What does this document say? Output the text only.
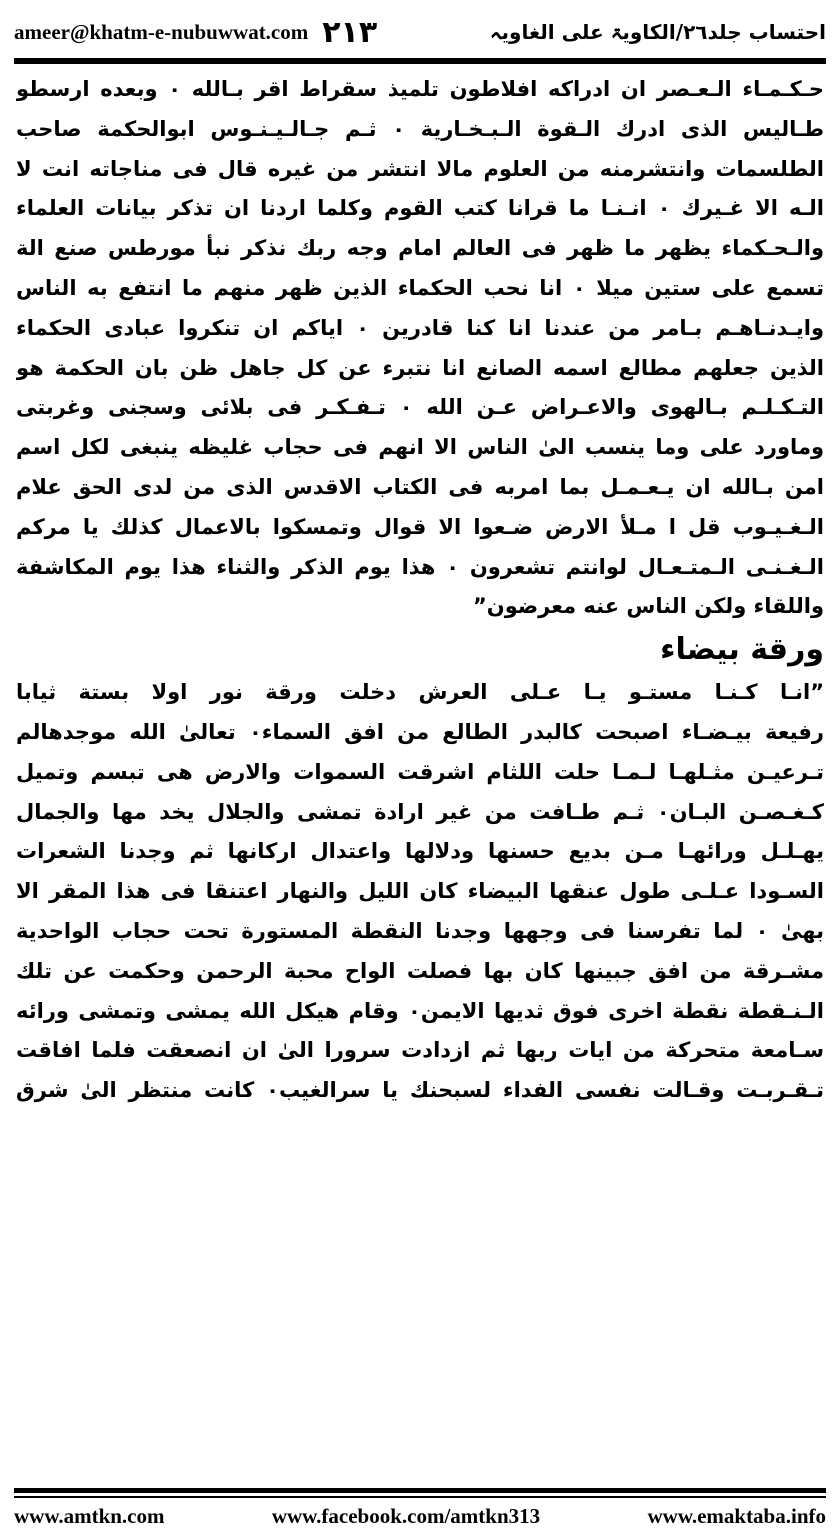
ameer@khatm-e-nubuwwat.com ٢١٣	احتساب جلد٢٦/الکاویۃ علی الغاویہ
حـكـمـاء الـعـصر ان ادراكه افلاطون تلميذ سقراط اقر بـالله ۰ وبعده ارسطو
طـاليس الذى ادرك الـقوة الـبـخـارية ۰ ثـم جـالـيـنـوس ابوالحكمة صاحب
الطلسمات وانتشرمنه من العلوم مالا انتشر من غيره قال فى مناجاته انت لا
الـه الا غـيرك ۰ انـنـا ما قرانا كتب القوم وكلما اردنا ان تذكر بيانات العلماء
والـحـكماء يظهر ما ظهر فى العالم امام وجه ربك نذكر نبأ مورطس صنع الة
تسمع على ستين ميلا ۰ انا نحب الحكماء الذين ظهر منهم ما انتفع به الناس
وايـدنـاهـم بـامر من عندنا انا كنا قادرين ۰ اياكم ان تنكروا عبادى الحكماء
الذين جعلهم مطالع اسمه الصانع انا نتبرء عن كل جاهل ظن بان الحكمة هو
التـكـلـم بـالهوى والاعـراض عـن الله ۰ تـفـكـر فى بلائى وسجنى وغربتى
وماورد على وما ينسب الىٰ الناس الا انهم فى حجاب غليظه ينبغى لكل اسم
امن بـالله ان يـعـمـل بما امربه فى الكتاب الاقدس الذى من لدى الحق علام
الـغـيـوب قل ا مـلأ الارض ضـعوا الا قوال وتمسكوا بالاعمال كذلك يا مركم
الـغـنـى الـمتـعـال لوانتم تشعرون ۰ هذا يوم الذكر والثناء هذا يوم المكاشفة
واللقاء ولكن الناس عنه معرضون”
ورقة بيضاء
”انـا كـنـا مستـو يـا عـلى العرش دخلت ورقة نور اولا بستة ثيابا
رفيعة بيـضـاء اصبحت كالبدر الطالع من افق السماء۰ تعالىٰ الله موجدهالم
تـرعيـن مثـلهـا لـمـا حلت اللثام اشرقت السموات والارض هى تبسم وتميل
كـغـصـن البـان۰ ثـم طـافت من غير ارادة تمشى والجلال يخد مها والجمال
يهـلـل ورائهـا مـن بديع حسنها ودلالها واعتدال اركانها ثم وجدنا الشعرات
السـودا عـلـى طول عنقها البيضاء كان الليل والنهار اعتنقا فى هذا المقر الا
بهىٰ ۰ لما تفرسنا فى وجهها وجدنا النقطة المستورة تحت حجاب الواحدية
مشـرقة من افق جبينها كان بها فصلت الواح محبة الرحمن وحكمت عن تلك
الـنـقطة نقطة اخرى فوق ثديها الايمن۰ وقام هيكل الله يمشى وتمشى ورائه
سـامعة متحركة من ايات ربها ثم ازدادت سرورا الىٰ ان انصعقت فلما افاقت
تـقـربـت وقـالت نفسى الفداء لسبحنك يا سرالغيب۰ كانت منتظر الىٰ شرق
www.amtkn.com	www.facebook.com/amtkn313	www.emaktaba.info
